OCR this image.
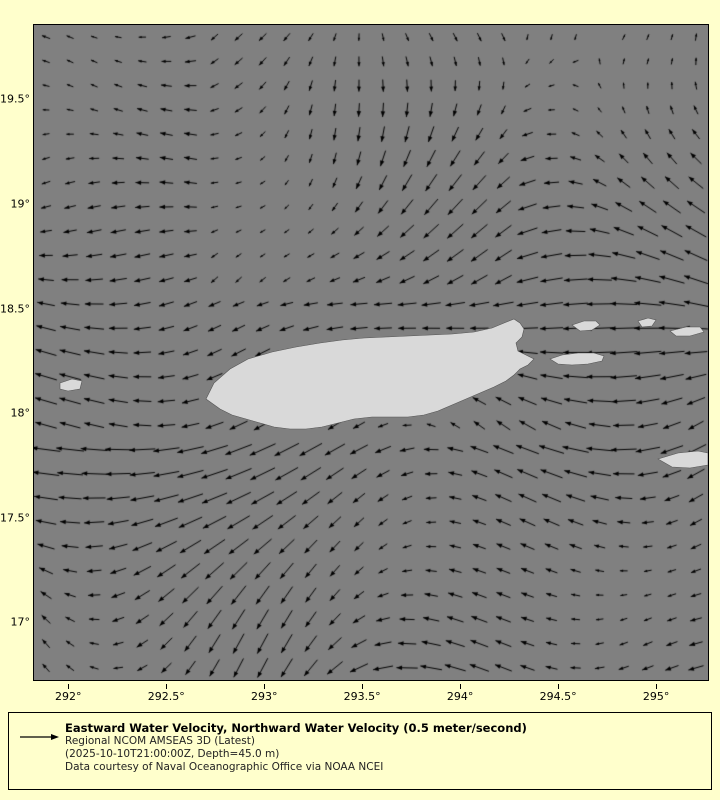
17°
17.5°
18°
18.5°
19°
19.5°
292°	292.5°	293°	293.5°	294°	294.5°	295°
Eastward Water Velocity, Northward Water Velocity (0.5 meter/second)
Regional NCOM AMSEAS 3D (Latest)
(2025-10-10T21:00:00Z, Depth=45.0 m)
Data courtesy of Naval Oceanographic Office via NOAA NCEI
